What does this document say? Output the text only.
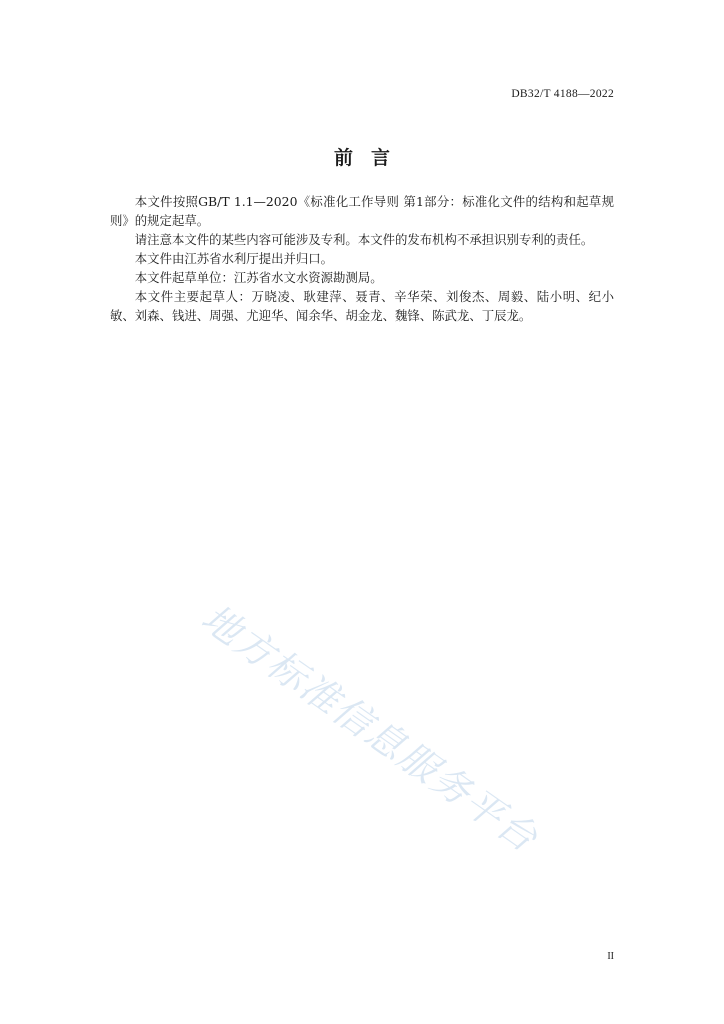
DB32/T 4188—2022
前言

本文件按照GB/T 1.1—2020《标准化工作导则 第1部分：标准化文件的结构和起草规则》的规定起草。

请注意本文件的某些内容可能涉及专利。本文件的发布机构不承担识别专利的责任。

本文件由江苏省水利厅提出并归口。

本文件起草单位：江苏省水文水资源勘测局。

本文件主要起草人：万晓凌、耿建萍、聂青、辛华荣、刘俊杰、周毅、陆小明、纪小敏、刘森、钱进、周强、尤迎华、闻余华、胡金龙、魏锋、陈武龙、丁辰龙。

地方标准信息服务平台
II
